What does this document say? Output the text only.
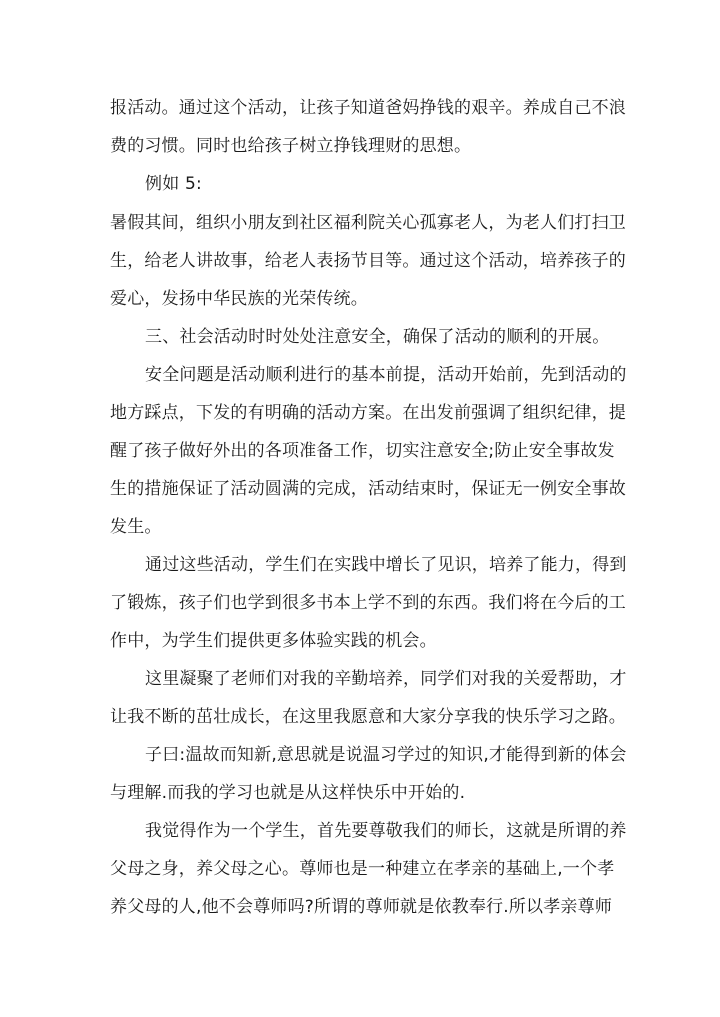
报活动。通过这个活动，让孩子知道爸妈挣钱的艰辛。养成自己不浪
费的习惯。同时也给孩子树立挣钱理财的思想。
例如 5:
暑假其间，组织小朋友到社区福利院关心孤寡老人，为老人们打扫卫
生，给老人讲故事，给老人表扬节目等。通过这个活动，培养孩子的
爱心，发扬中华民族的光荣传统。
三、社会活动时时处处注意安全，确保了活动的顺利的开展。
安全问题是活动顺利进行的基本前提，活动开始前，先到活动的
地方踩点，下发的有明确的活动方案。在出发前强调了组织纪律，提
醒了孩子做好外出的各项准备工作，切实注意安全;防止安全事故发
生的措施保证了活动圆满的完成，活动结束时，保证无一例安全事故
发生。
通过这些活动，学生们在实践中增长了见识，培养了能力，得到
了锻炼，孩子们也学到很多书本上学不到的东西。我们将在今后的工
作中，为学生们提供更多体验实践的机会。
这里凝聚了老师们对我的辛勤培养，同学们对我的关爱帮助，才
让我不断的茁壮成长，在这里我愿意和大家分享我的快乐学习之路。
子曰:温故而知新,意思就是说温习学过的知识,才能得到新的体会
与理解.而我的学习也就是从这样快乐中开始的.
我觉得作为一个学生，首先要尊敬我们的师长，这就是所谓的养
父母之身，养父母之心。尊师也是一种建立在孝亲的基础上,一个孝
养父母的人,他不会尊师吗?所谓的尊师就是依教奉行.所以孝亲尊师
